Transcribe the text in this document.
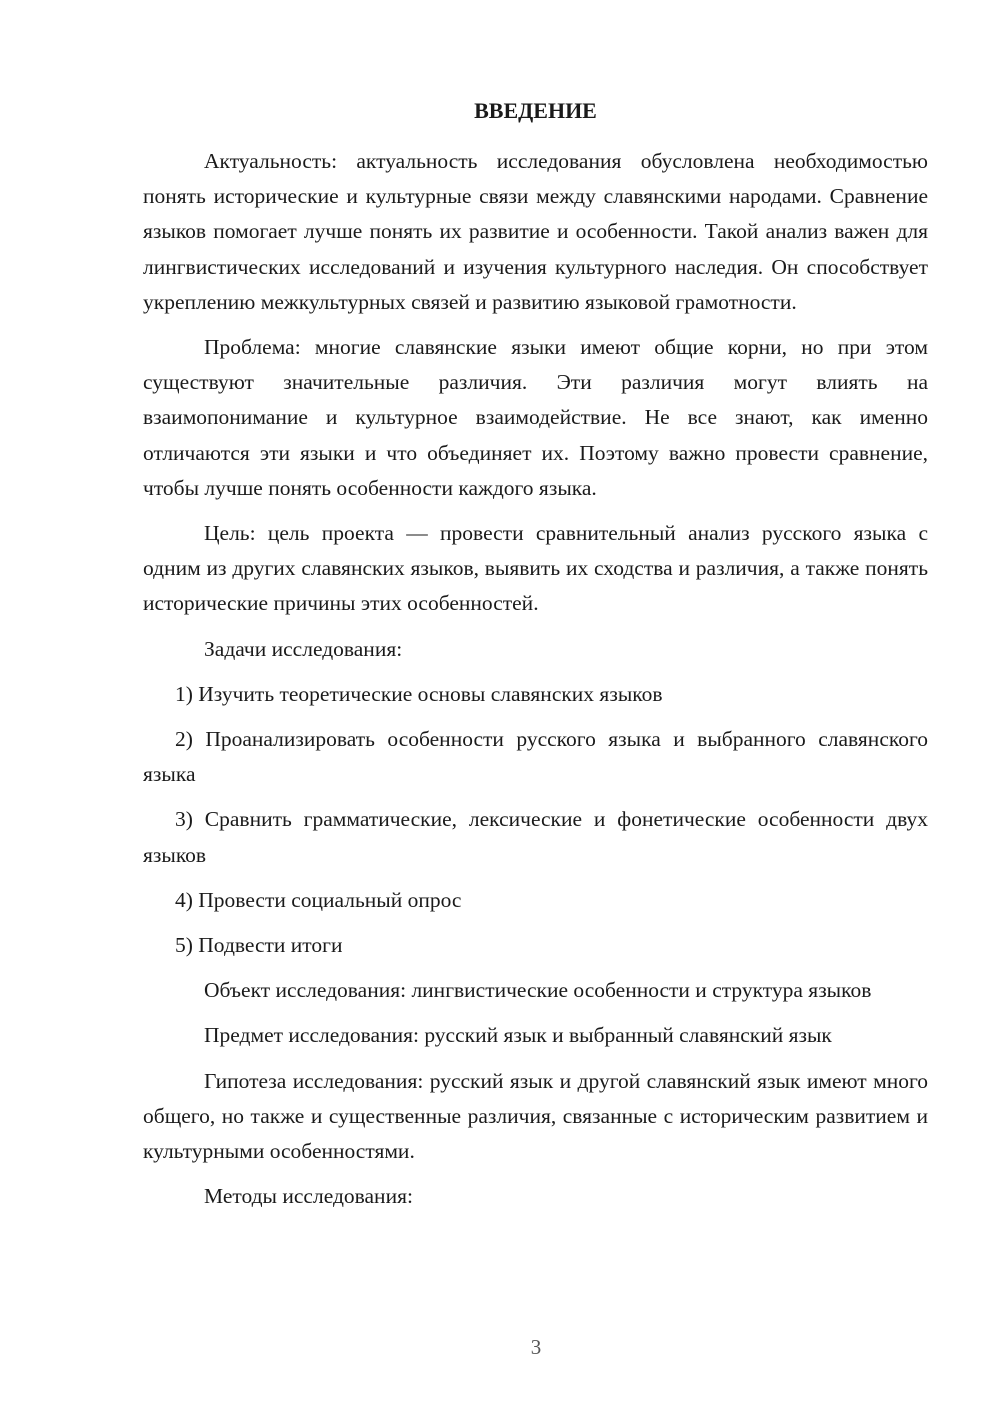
ВВЕДЕНИЕ

Актуальность: актуальность исследования обусловлена необходимостью понять исторические и культурные связи между славянскими народами. Сравнение языков помогает лучше понять их развитие и особенности. Такой анализ важен для лингвистических исследований и изучения культурного наследия. Он способствует укреплению межкультурных связей и развитию языковой грамотности.

Проблема: многие славянские языки имеют общие корни, но при этом существуют значительные различия. Эти различия могут влиять на взаимопонимание и культурное взаимодействие. Не все знают, как именно отличаются эти языки и что объединяет их. Поэтому важно провести сравнение, чтобы лучше понять особенности каждого языка.

Цель: цель проекта — провести сравнительный анализ русского языка с одним из других славянских языков, выявить их сходства и различия, а также понять исторические причины этих особенностей.

Задачи исследования:

1) Изучить теоретические основы славянских языков

2) Проанализировать особенности русского языка и выбранного славянского языка

3) Сравнить грамматические, лексические и фонетические особенности двух языков

4) Провести социальный опрос

5) Подвести итоги

Объект исследования: лингвистические особенности и структура языков

Предмет исследования: русский язык и выбранный славянский язык

Гипотеза исследования: русский язык и другой славянский язык имеют много общего, но также и существенные различия, связанные с историческим развитием и культурными особенностями.

Методы исследования:

3
